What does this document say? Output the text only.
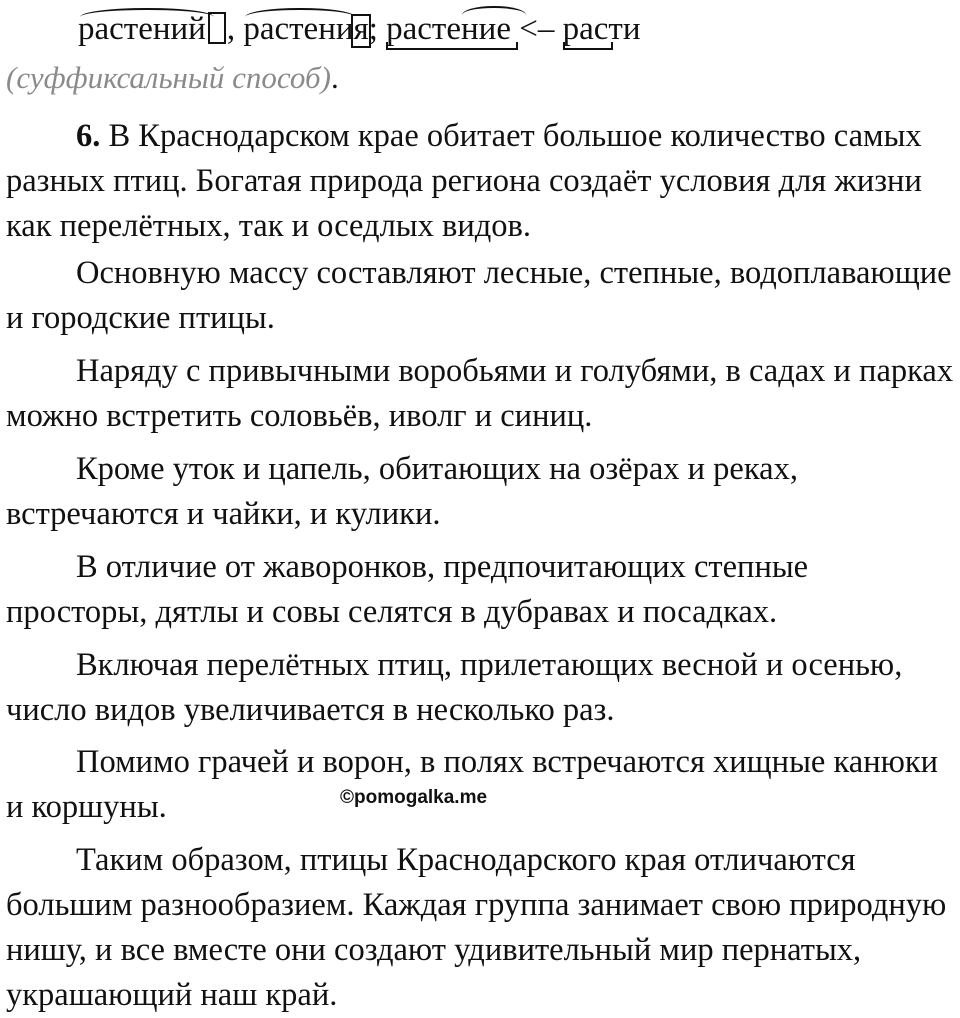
растений , растения
; растение <– расти
(суффиксальный способ).

6. В Краснодарском крае обитает большое количество самых разных птиц. Богатая природа региона создаёт условия для жизни как перелётных, так и оседлых видов.

Основную массу составляют лесные, степные, водоплавающие и городские птицы.

Наряду с привычными воробьями и голубями, в садах и парках можно встретить соловьёв, иволг и синиц.

Кроме уток и цапель, обитающих на озёрах и реках, встречаются и чайки, и кулики.

В отличие от жаворонков, предпочитающих степные просторы, дятлы и совы селятся в дубравах и посадках.

Включая перелётных птиц, прилетающих весной и осенью, число видов увеличивается в несколько раз.

Помимо грачей и ворон, в полях встречаются хищные канюки и коршуны.

Таким образом, птицы Краснодарского края отличаются большим разнообразием. Каждая группа занимает свою природную нишу, и все вместе они создают удивительный мир пернатых, украшающий наш край.

©pomogalka.me
